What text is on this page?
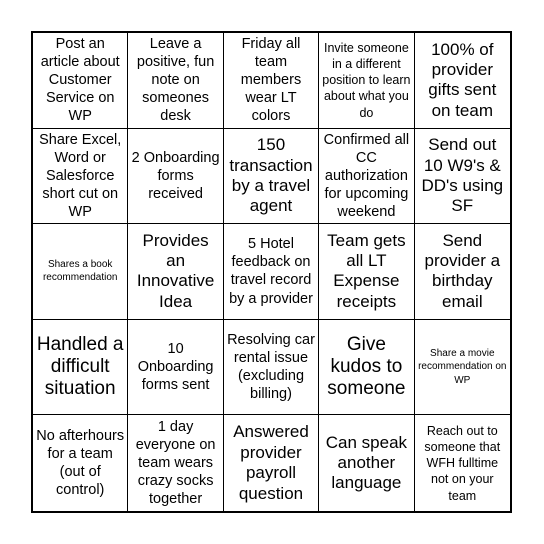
Post an article about Customer Service on WP
Leave a positive, fun note on someones desk
Friday all team members wear LT colors
Invite someone in a different position to learn about what you do
100% of provider gifts sent on team
Share Excel, Word or Salesforce short cut on WP
2 Onboarding forms received
150 transaction by a travel agent
Confirmed all CC authorization for upcoming weekend
Send out 10 W9's & DD's using SF
Shares a book recommendation
Provides an Innovative Idea
5 Hotel feedback on travel record by a provider
Team gets all LT Expense receipts
Send provider a birthday email
Handled a difficult situation
10 Onboarding forms sent
Resolving car rental issue (excluding billing)
Give kudos to someone
Share a movie recommendation on WP
No afterhours for a team (out of control)
1 day everyone on team wears crazy socks together
Answered provider payroll question
Can speak another language
Reach out to someone that WFH fulltime not on your team
